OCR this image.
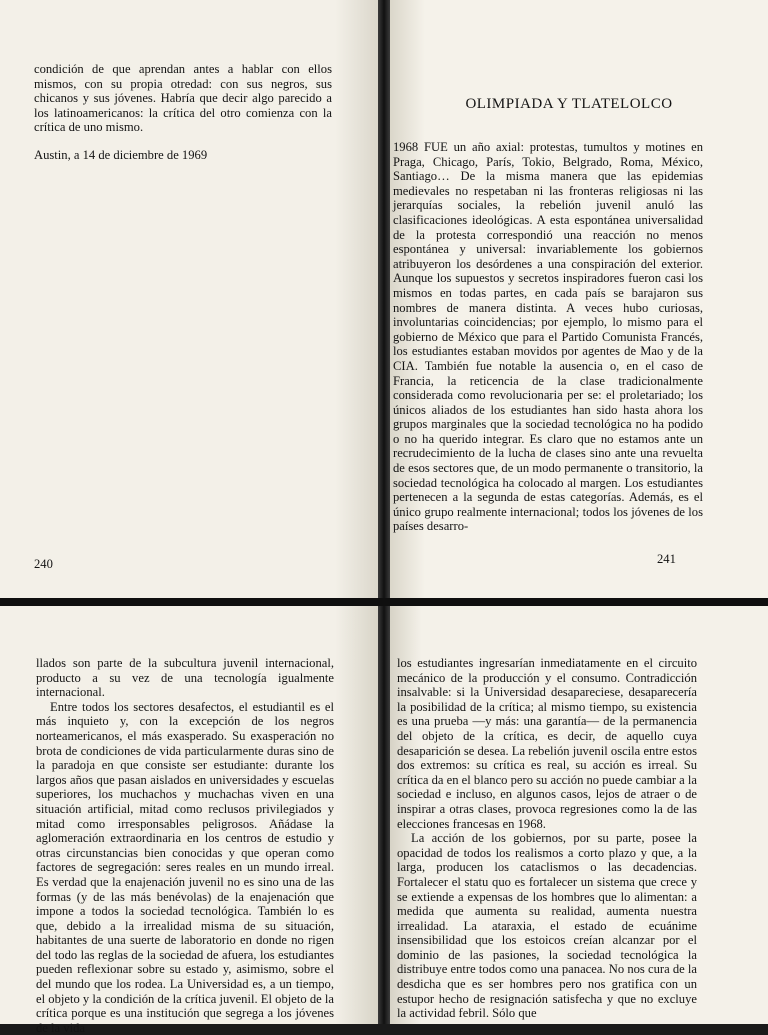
condición de que aprendan antes a hablar con ellos mismos, con su propia otredad: con sus negros, sus chicanos y sus jóvenes. Habría que decir algo parecido a los latinoamericanos: la crítica del otro comienza con la crítica de uno mismo.

Austin, a 14 de diciembre de 1969
240
OLIMPIADA Y TLATELOLCO

1968 FUE un año axial: protestas, tumultos y motines en Praga, Chicago, París, Tokio, Belgrado, Roma, México, Santiago… De la misma manera que las epidemias medievales no respetaban ni las fronteras religiosas ni las jerarquías sociales, la rebelión juvenil anuló las clasificaciones ideológicas. A esta espontánea universalidad de la protesta correspondió una reacción no menos espontánea y universal: invariablemente los gobiernos atribuyeron los desórdenes a una conspiración del exterior. Aunque los supuestos y secretos inspiradores fueron casi los mismos en todas partes, en cada país se barajaron sus nombres de manera distinta. A veces hubo curiosas, involuntarias coincidencias; por ejemplo, lo mismo para el gobierno de México que para el Partido Comunista Francés, los estudiantes estaban movidos por agentes de Mao y de la CIA. También fue notable la ausencia o, en el caso de Francia, la reticencia de la clase tradicionalmente considerada como revolucionaria per se: el proletariado; los únicos aliados de los estudiantes han sido hasta ahora los grupos marginales que la sociedad tecnológica no ha podido o no ha querido integrar. Es claro que no estamos ante un recrudecimiento de la lucha de clases sino ante una revuelta de esos sectores que, de un modo permanente o transitorio, la sociedad tecnológica ha colocado al margen. Los estudiantes pertenecen a la segunda de estas categorías. Además, es el único grupo realmente internacional; todos los jóvenes de los países desarro-

241

llados son parte de la subcultura juvenil internacional, producto a su vez de una tecnología igualmente internacional.

Entre todos los sectores desafectos, el estudiantil es el más inquieto y, con la excepción de los negros norteamericanos, el más exasperado. Su exasperación no brota de condiciones de vida particularmente duras sino de la paradoja en que consiste ser estudiante: durante los largos años que pasan aislados en universidades y escuelas superiores, los muchachos y muchachas viven en una situación artificial, mitad como reclusos privilegiados y mitad como irresponsables peligrosos. Añádase la aglomeración extraordinaria en los centros de estudio y otras circunstancias bien conocidas y que operan como factores de segregación: seres reales en un mundo irreal. Es verdad que la enajenación juvenil no es sino una de las formas (y de las más benévolas) de la enajenación que impone a todos la sociedad tecnológica. También lo es que, debido a la irrealidad misma de su situación, habitantes de una suerte de laboratorio en donde no rigen del todo las reglas de la sociedad de afuera, los estudiantes pueden reflexionar sobre su estado y, asimismo, sobre el del mundo que los rodea. La Universidad es, a un tiempo, el objeto y la condición de la crítica juvenil. El objeto de la crítica porque es una institución que segrega a los jóvenes de la vida

los estudiantes ingresarían inmediatamente en el circuito mecánico de la producción y el consumo. Contradicción insalvable: si la Universidad desapareciese, desaparecería la posibilidad de la crítica; al mismo tiempo, su existencia es una prueba —y más: una garantía— de la permanencia del objeto de la crítica, es decir, de aquello cuya desaparición se desea. La rebelión juvenil oscila entre estos dos extremos: su crítica es real, su acción es irreal. Su crítica da en el blanco pero su acción no puede cambiar a la sociedad e incluso, en algunos casos, lejos de atraer o de inspirar a otras clases, provoca regresiones como la de las elecciones francesas en 1968.

La acción de los gobiernos, por su parte, posee la opacidad de todos los realismos a corto plazo y que, a la larga, producen los cataclismos o las decadencias. Fortalecer el statu quo es fortalecer un sistema que crece y se extiende a expensas de los hombres que lo alimentan: a medida que aumenta su realidad, aumenta nuestra irrealidad. La ataraxia, el estado de ecuánime insensibilidad que los estoicos creían alcanzar por el dominio de las pasiones, la sociedad tecnológica la distribuye entre todos como una panacea. No nos cura de la desdicha que es ser hombres pero nos gratifica con un estupor hecho de resignación satisfecha y que no excluye la actividad febril. Sólo que
